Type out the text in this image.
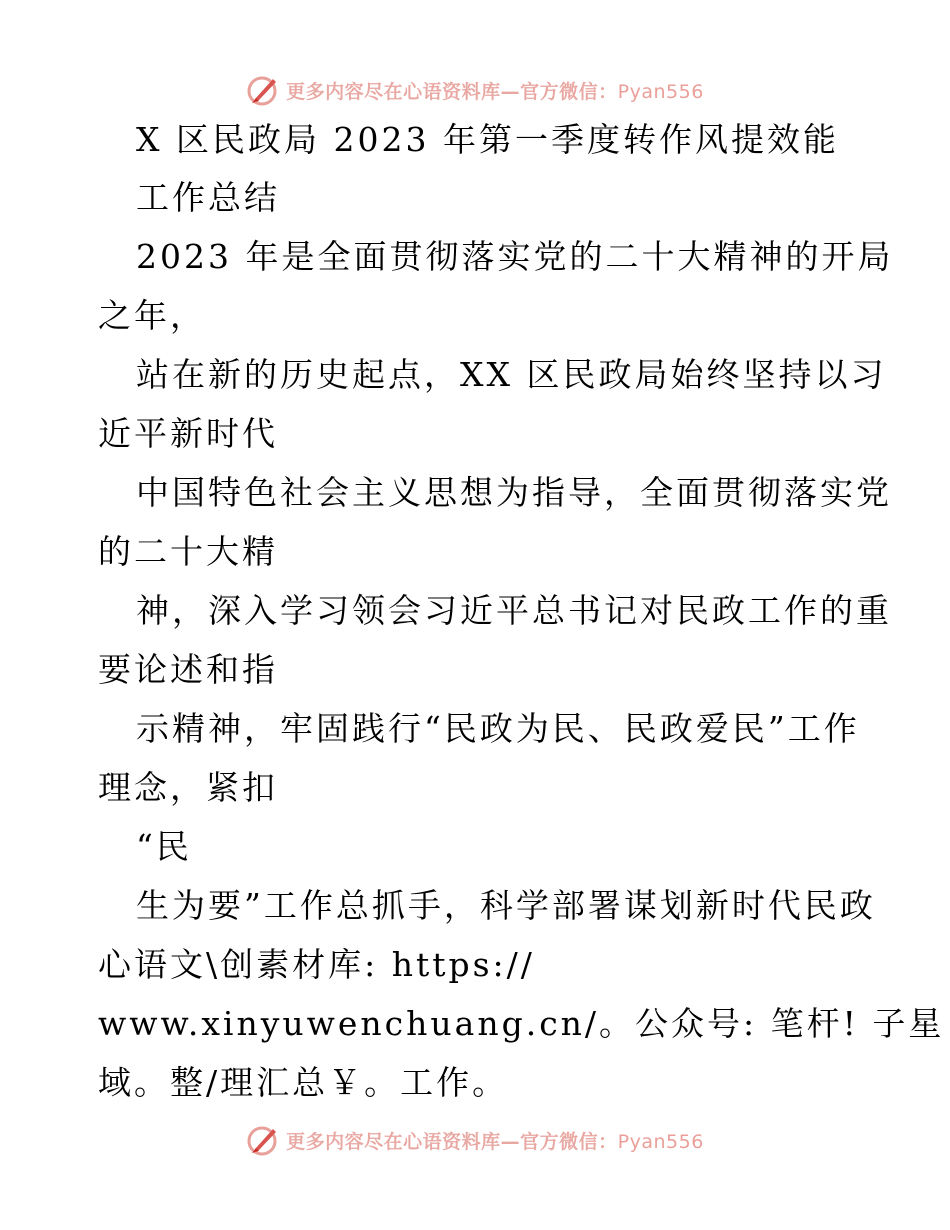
更多内容尽在心语资料库—官方微信：Pyan556
X 区民政局 2023 年第一季度转作风提效能
工作总结
2023 年是全面贯彻落实党的二十大精神的开局
之年，
站在新的历史起点，XX 区民政局始终坚持以习
近平新时代
中国特色社会主义思想为指导，全面贯彻落实党
的二十大精
神，深入学习领会习近平总书记对民政工作的重
要论述和指
示精神，牢固践行“民政为民、民政爱民”工作
理念，紧扣
“民
生为要”工作总抓手，科学部署谋划新时代民政
心语文\创素材库: https://
www.xinyuwenchuang.cn/。公众号: 笔杆! 子星
域。整/理汇总￥。工作。
更多内容尽在心语资料库—官方微信：Pyan556
